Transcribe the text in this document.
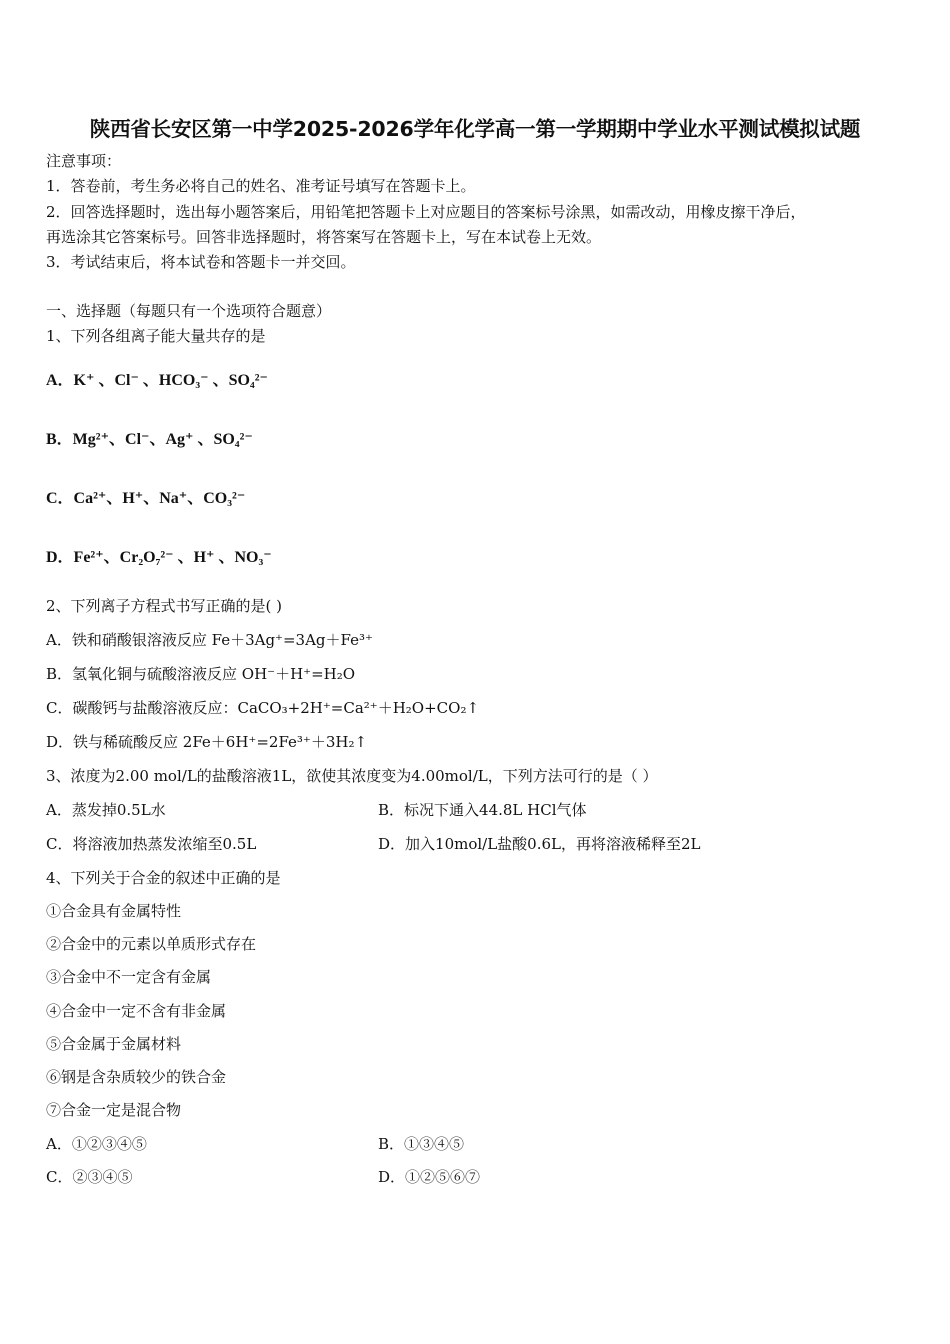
陕西省长安区第一中学2025-2026学年化学高一第一学期期中学业水平测试模拟试题
注意事项：
1．答卷前，考生务必将自己的姓名、准考证号填写在答题卡上。
2．回答选择题时，选出每小题答案后，用铅笔把答题卡上对应题目的答案标号涂黑，如需改动，用橡皮擦干净后，
再选涂其它答案标号。回答非选择题时，将答案写在答题卡上，写在本试卷上无效。
3．考试结束后，将本试卷和答题卡一并交回。
一、选择题（每题只有一个选项符合题意）
1、下列各组离子能大量共存的是
A．K⁺ 、Cl⁻ 、HCO₃⁻ 、SO₄²⁻
B．Mg²⁺、Cl⁻、Ag⁺ 、SO₄²⁻
C．Ca²⁺、H⁺、Na⁺、CO₃²⁻
D．Fe²⁺、Cr₂O₇²⁻ 、H⁺ 、NO₃⁻
2、下列离子方程式书写正确的是( )
A．铁和硝酸银溶液反应 Fe＋3Ag⁺=3Ag＋Fe³⁺
B．氢氧化铜与硫酸溶液反应 OH⁻＋H⁺=H₂O
C．碳酸钙与盐酸溶液反应：CaCO₃+2H⁺=Ca²⁺＋H₂O+CO₂↑
D．铁与稀硫酸反应 2Fe＋6H⁺=2Fe³⁺＋3H₂↑
3、浓度为2.00 mol/L的盐酸溶液1L，欲使其浓度变为4.00mol/L，下列方法可行的是（ ）
A．蒸发掉0.5L水	B．标况下通入44.8L HCl气体
C．将溶液加热蒸发浓缩至0.5L	D．加入10mol/L盐酸0.6L，再将溶液稀释至2L
4、下列关于合金的叙述中正确的是
①合金具有金属特性
②合金中的元素以单质形式存在
③合金中不一定含有金属
④合金中一定不含有非金属
⑤合金属于金属材料
⑥钢是含杂质较少的铁合金
⑦合金一定是混合物
A．①②③④⑤	B．①③④⑤
C．②③④⑤	D．①②⑤⑥⑦
